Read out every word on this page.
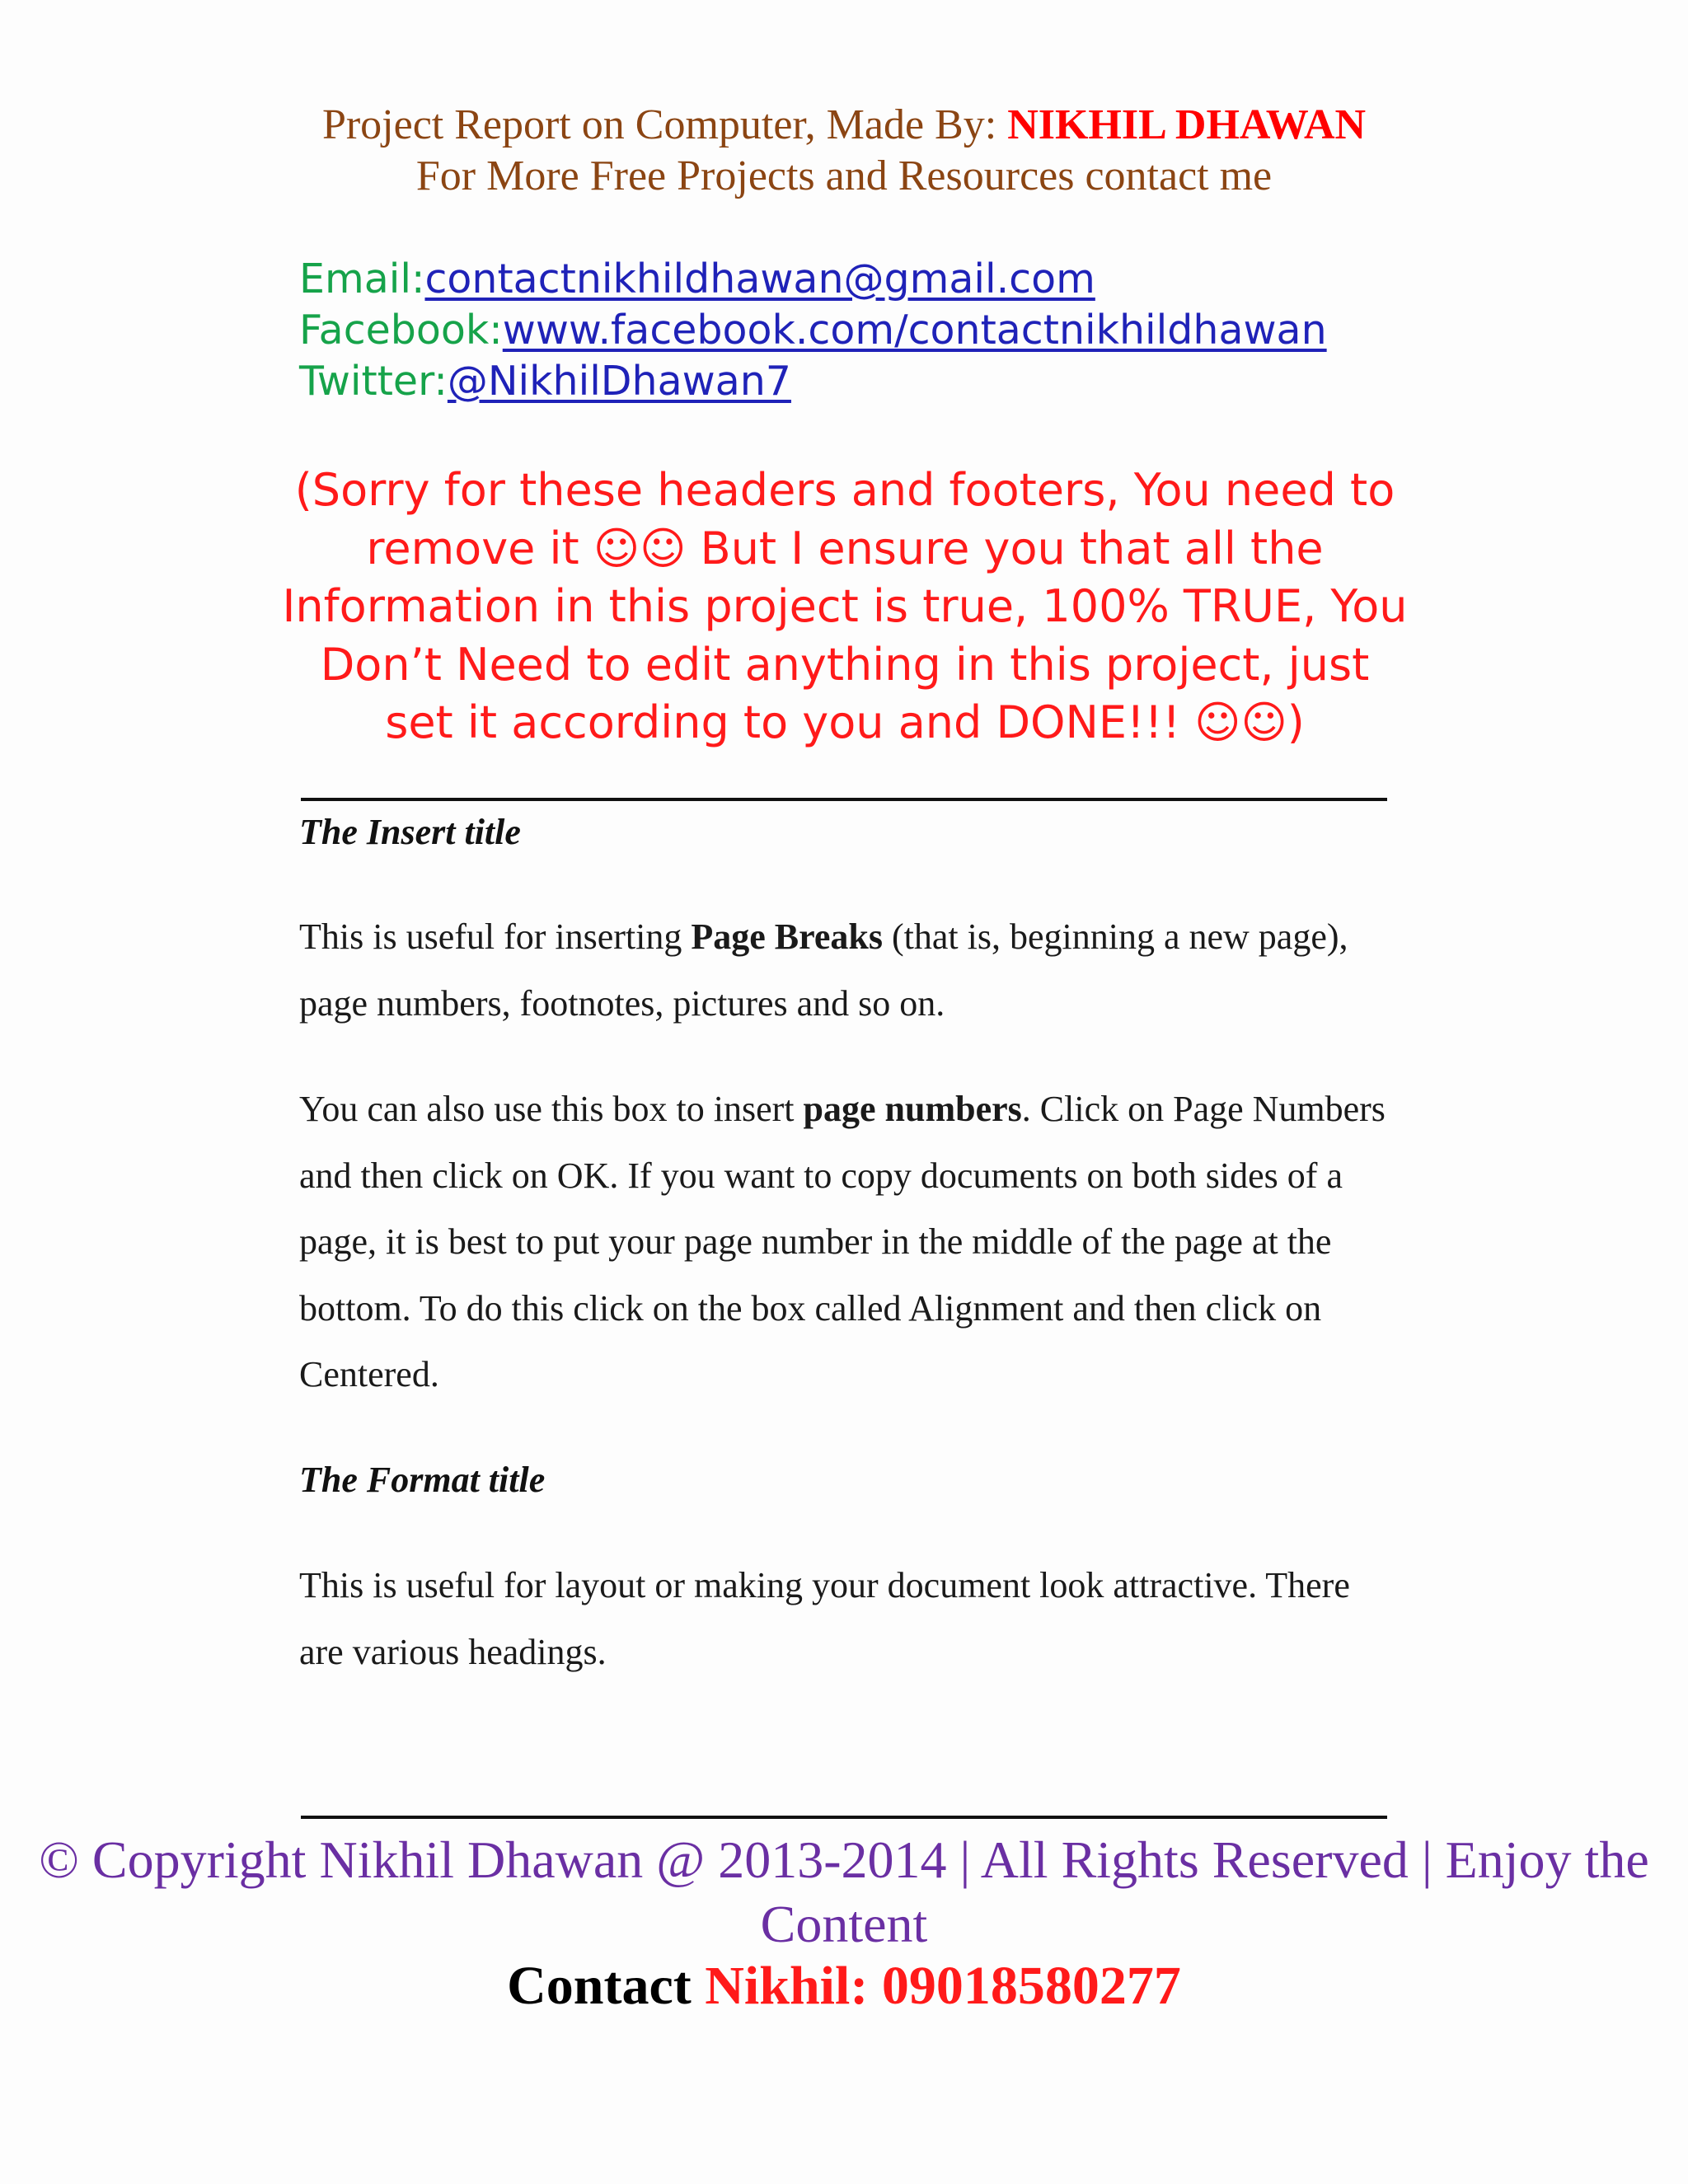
Project Report on Computer, Made By: NIKHIL DHAWAN
For More Free Projects and Resources contact me
Email:contactnikhildhawan@gmail.com
Facebook:www.facebook.com/contactnikhildhawan
Twitter:@NikhilDhawan7
(Sorry for these headers and footers, You need to remove it ☺☺ But I ensure you that all the Information in this project is true, 100% TRUE, You Don’t Need to edit anything in this project, just set it according to you and DONE!!! ☺☺)
The Insert title
This is useful for inserting Page Breaks (that is, beginning a new page), page numbers, footnotes, pictures and so on.
You can also use this box to insert page numbers. Click on Page Numbers and then click on OK. If you want to copy documents on both sides of a page, it is best to put your page number in the middle of the page at the bottom. To do this click on the box called Alignment and then click on Centered.
The Format title
This is useful for layout or making your document look attractive. There are various headings.
© Copyright Nikhil Dhawan @ 2013-2014 | All Rights Reserved | Enjoy the Content
Contact Nikhil: 09018580277
